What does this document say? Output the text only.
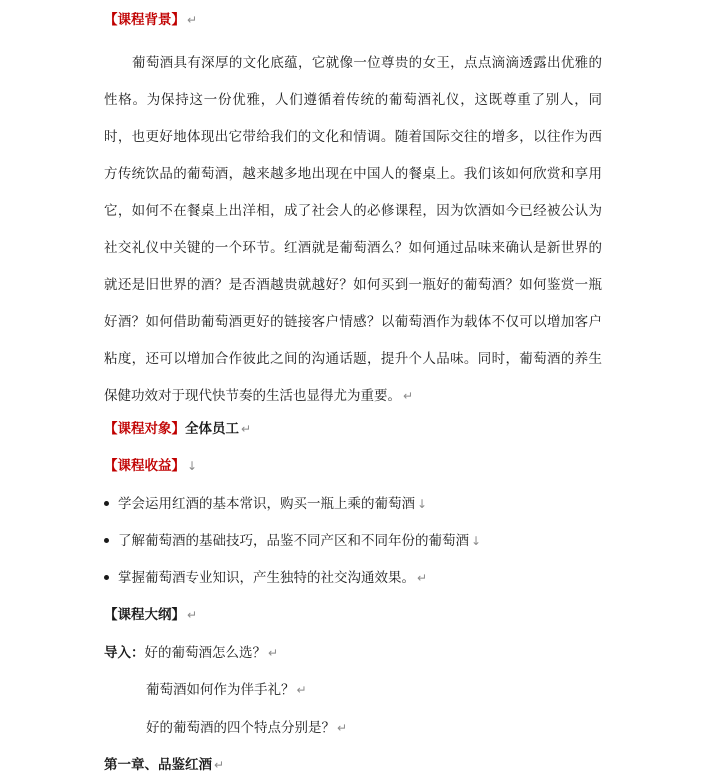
【课程背景】 ↵

葡萄酒具有深厚的文化底蕴，它就像一位尊贵的女王，点点滴滴透露出优雅的性格。为保持这一份优雅，人们遵循着传统的葡萄酒礼仪，这既尊重了别人，同时，也更好地体现出它带给我们的文化和情调。随着国际交往的增多，以往作为西方传统饮品的葡萄酒，越来越多地出现在中国人的餐桌上。我们该如何欣赏和享用它，如何不在餐桌上出洋相，成了社会人的必修课程，因为饮酒如今已经被公认为社交礼仪中关键的一个环节。红酒就是葡萄酒么？如何通过品味来确认是新世界的就还是旧世界的酒？是否酒越贵就越好？如何买到一瓶好的葡萄酒？如何鉴赏一瓶好酒？如何借助葡萄酒更好的链接客户情感？以葡萄酒作为载体不仅可以增加客户粘度，还可以增加合作彼此之间的沟通话题，提升个人品味。同时，葡萄酒的养生保健功效对于现代快节奏的生活也显得尤为重要。 ↵

【课程对象】全体员工 ↵
【课程收益】 ↓
学会运用红酒的基本常识，购买一瓶上乘的葡萄酒 ↓
了解葡萄酒的基础技巧，品鉴不同产区和不同年份的葡萄酒 ↓
掌握葡萄酒专业知识，产生独特的社交沟通效果。 ↵
【课程大纲】 ↵
导入：好的葡萄酒怎么选？ ↵
葡萄酒如何作为伴手礼？ ↵
好的葡萄酒的四个特点分别是？ ↵
第一章、品鉴红酒 ↵
